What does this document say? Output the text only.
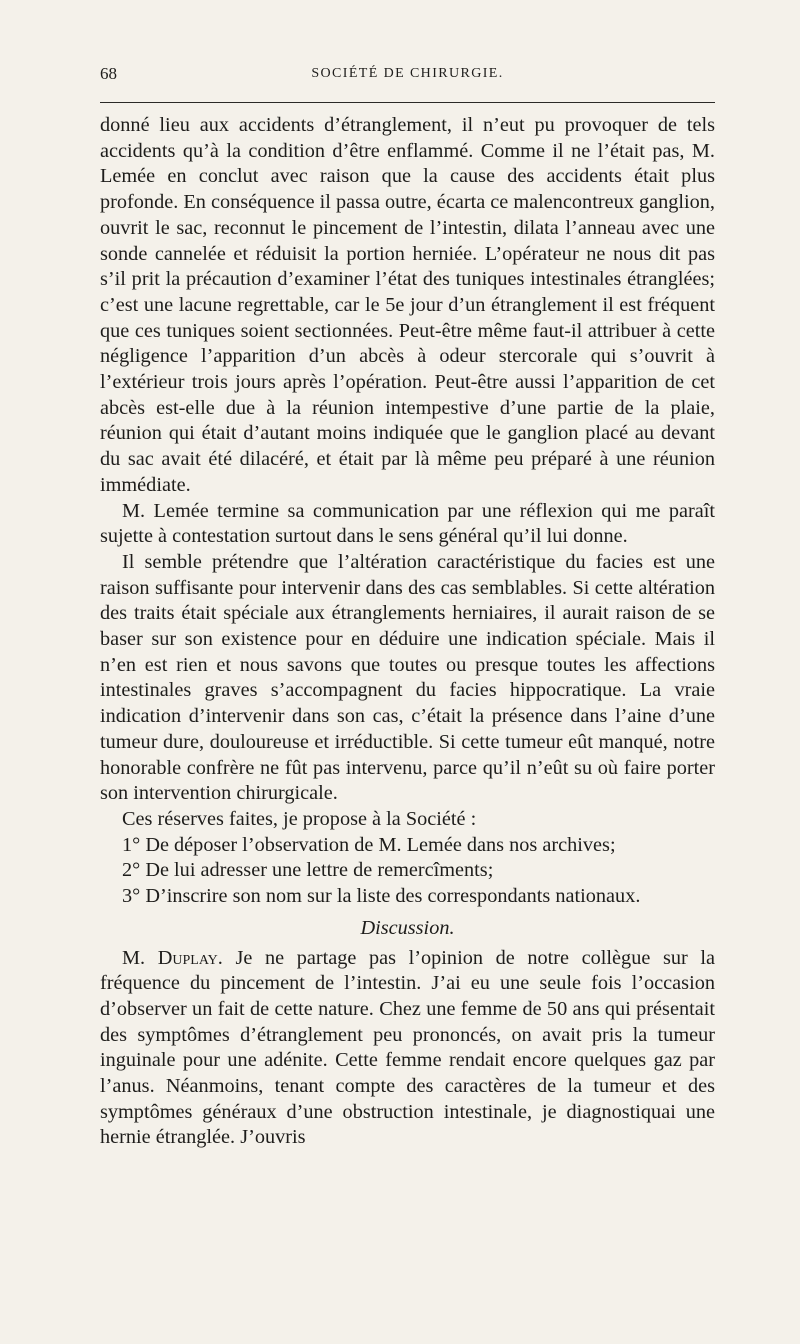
68	SOCIÉTÉ DE CHIRURGIE.

donné lieu aux accidents d’étranglement, il n’eut pu provoquer de tels accidents qu’à la condition d’être enflammé. Comme il ne l’était pas, M. Lemée en conclut avec raison que la cause des accidents était plus profonde. En conséquence il passa outre, écarta ce malencontreux ganglion, ouvrit le sac, reconnut le pincement de l’intestin, dilata l’anneau avec une sonde cannelée et réduisit la portion herniée. L’opérateur ne nous dit pas s’il prit la précaution d’examiner l’état des tuniques intestinales étranglées; c’est une lacune regrettable, car le 5e jour d’un étranglement il est fréquent que ces tuniques soient sectionnées. Peut-être même faut-il attribuer à cette négligence l’apparition d’un abcès à odeur stercorale qui s’ouvrit à l’extérieur trois jours après l’opération. Peut-être aussi l’apparition de cet abcès est-elle due à la réunion intempestive d’une partie de la plaie, réunion qui était d’autant moins indiquée que le ganglion placé au devant du sac avait été dilacéré, et était par là même peu préparé à une réunion immédiate.

M. Lemée termine sa communication par une réflexion qui me paraît sujette à contestation surtout dans le sens général qu’il lui donne.

Il semble prétendre que l’altération caractéristique du facies est une raison suffisante pour intervenir dans des cas semblables. Si cette altération des traits était spéciale aux étranglements herniaires, il aurait raison de se baser sur son existence pour en déduire une indication spéciale. Mais il n’en est rien et nous savons que toutes ou presque toutes les affections intestinales graves s’accompagnent du facies hippocratique. La vraie indication d’intervenir dans son cas, c’était la présence dans l’aine d’une tumeur dure, douloureuse et irréductible. Si cette tumeur eût manqué, notre honorable confrère ne fût pas intervenu, parce qu’il n’eût su où faire porter son intervention chirurgicale.

Ces réserves faites, je propose à la Société :

1° De déposer l’observation de M. Lemée dans nos archives;

2° De lui adresser une lettre de remercîments;

3° D’inscrire son nom sur la liste des correspondants nationaux.

Discussion.

M. Duplay. Je ne partage pas l’opinion de notre collègue sur la fréquence du pincement de l’intestin. J’ai eu une seule fois l’occasion d’observer un fait de cette nature. Chez une femme de 50 ans qui présentait des symptômes d’étranglement peu prononcés, on avait pris la tumeur inguinale pour une adénite. Cette femme rendait encore quelques gaz par l’anus. Néanmoins, tenant compte des caractères de la tumeur et des symptômes généraux d’une obstruction intestinale, je diagnostiquai une hernie étranglée. J’ouvris
